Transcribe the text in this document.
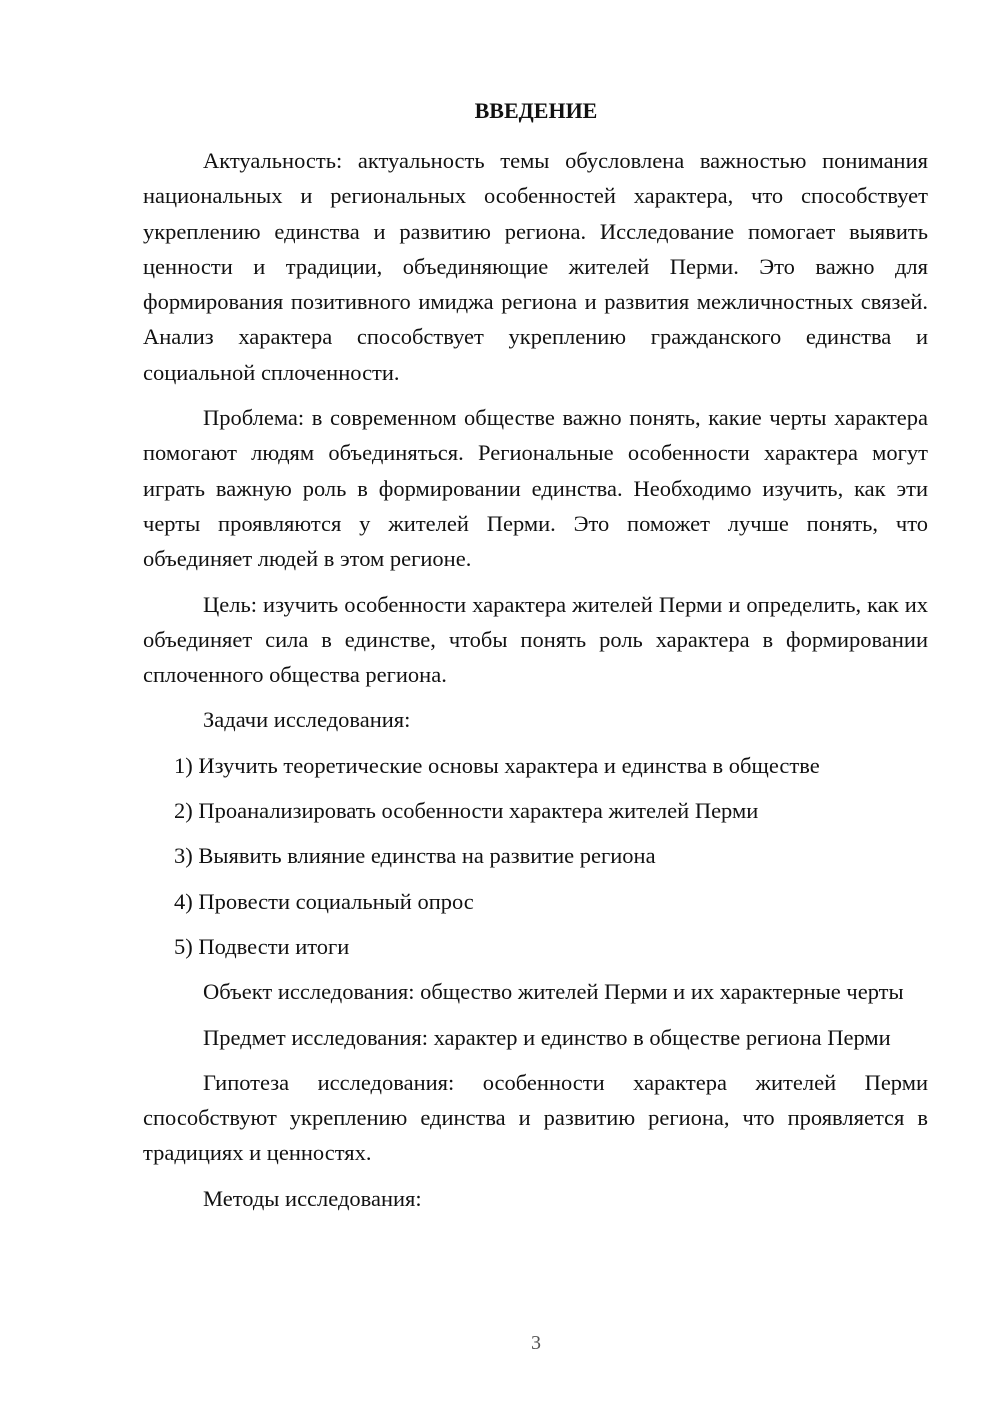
ВВЕДЕНИЕ

Актуальность: актуальность темы обусловлена важностью понимания национальных и региональных особенностей характера, что способствует укреплению единства и развитию региона. Исследование помогает выявить ценности и традиции, объединяющие жителей Перми. Это важно для формирования позитивного имиджа региона и развития межличностных связей. Анализ характера способствует укреплению гражданского единства и социальной сплоченности.

Проблема: в современном обществе важно понять, какие черты характера помогают людям объединяться. Региональные особенности характера могут играть важную роль в формировании единства. Необходимо изучить, как эти черты проявляются у жителей Перми. Это поможет лучше понять, что объединяет людей в этом регионе.

Цель: изучить особенности характера жителей Перми и определить, как их объединяет сила в единстве, чтобы понять роль характера в формировании сплоченного общества региона.

Задачи исследования:

1) Изучить теоретические основы характера и единства в обществе
2) Проанализировать особенности характера жителей Перми
3) Выявить влияние единства на развитие региона
4) Провести социальный опрос
5) Подвести итоги

Объект исследования: общество жителей Перми и их характерные черты

Предмет исследования: характер и единство в обществе региона Перми

Гипотеза исследования: особенности характера жителей Перми способствуют укреплению единства и развитию региона, что проявляется в традициях и ценностях.

Методы исследования:

3
